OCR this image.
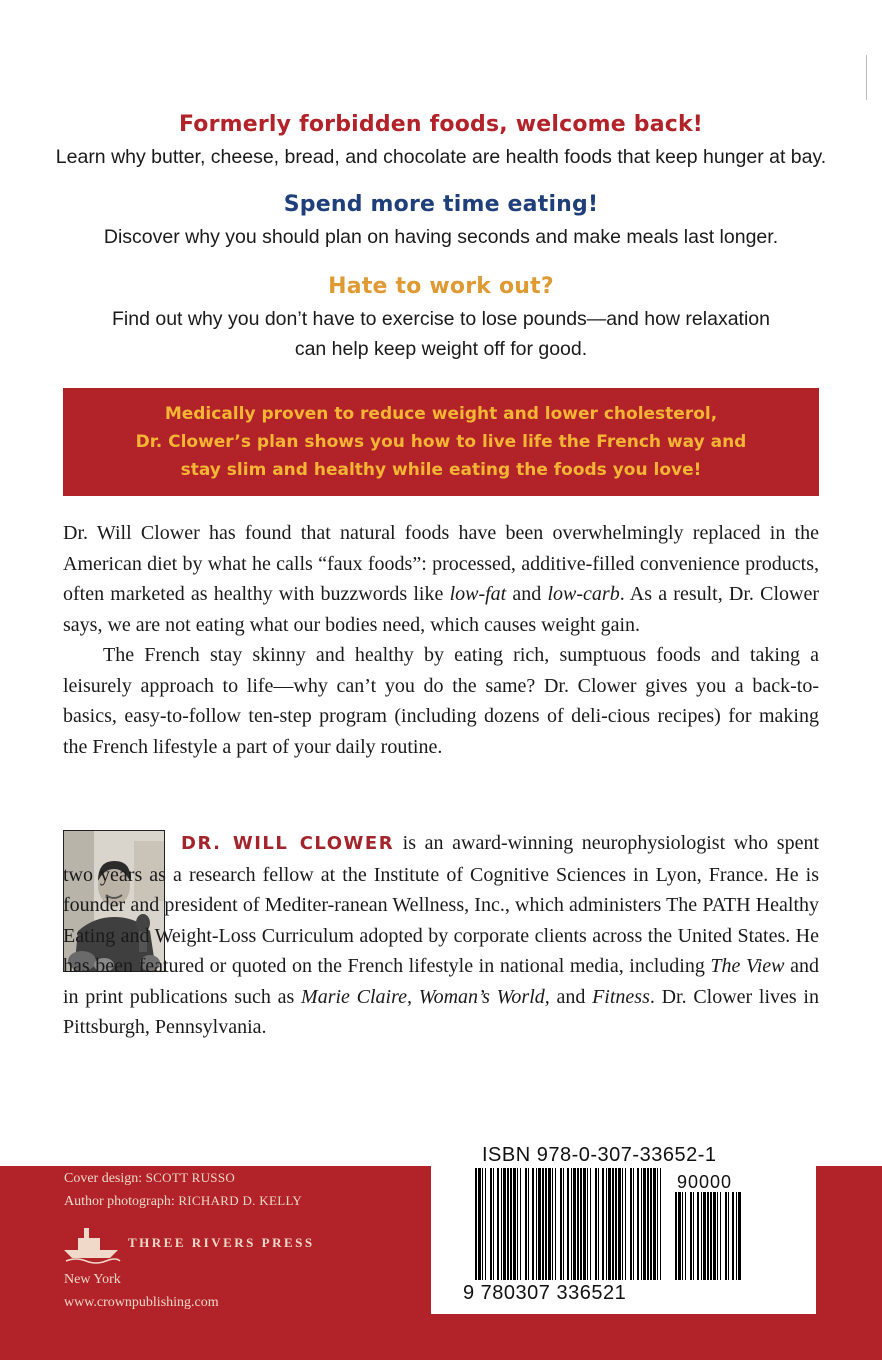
Formerly forbidden foods, welcome back!
Learn why butter, cheese, bread, and chocolate are health foods that keep hunger at bay.
Spend more time eating!
Discover why you should plan on having seconds and make meals last longer.
Hate to work out?
Find out why you don’t have to exercise to lose pounds—and how relaxation
can help keep weight off for good.
Medically proven to reduce weight and lower cholesterol,
Dr. Clower’s plan shows you how to live life the French way and
stay slim and healthy while eating the foods you love!

Dr. Will Clower has found that natural foods have been overwhelmingly replaced in the American diet by what he calls “faux foods”: processed, additive-filled convenience products, often marketed as healthy with buzzwords like low-fat and low-carb. As a result, Dr. Clower says, we are not eating what our bodies need, which causes weight gain.

The French stay skinny and healthy by eating rich, sumptuous foods and taking a leisurely approach to life—why can’t you do the same? Dr. Clower gives you a back-to-basics, easy-to-follow ten-step program (including dozens of deli-cious recipes) for making the French lifestyle a part of your daily routine.

DR. WILL CLOWER is an award-winning neurophysiologist who spent two years as a research fellow at the Institute of Cognitive Sciences in Lyon, France. He is founder and president of Mediter-ranean Wellness, Inc., which administers The PATH Healthy Eating and Weight-Loss Curriculum adopted by corporate clients across the United States. He has been featured or quoted on the French lifestyle in national media, including The View and in print publications such as Marie Claire, Woman’s World, and Fitness. Dr. Clower lives in Pittsburgh, Pennsylvania.

Cover design: SCOTT RUSSO
Author photograph: RICHARD D. KELLY
THREE RIVERS PRESS
New York
www.crownpublishing.com
ISBN 978-0-307-33652-1
90000
9 780307 336521
